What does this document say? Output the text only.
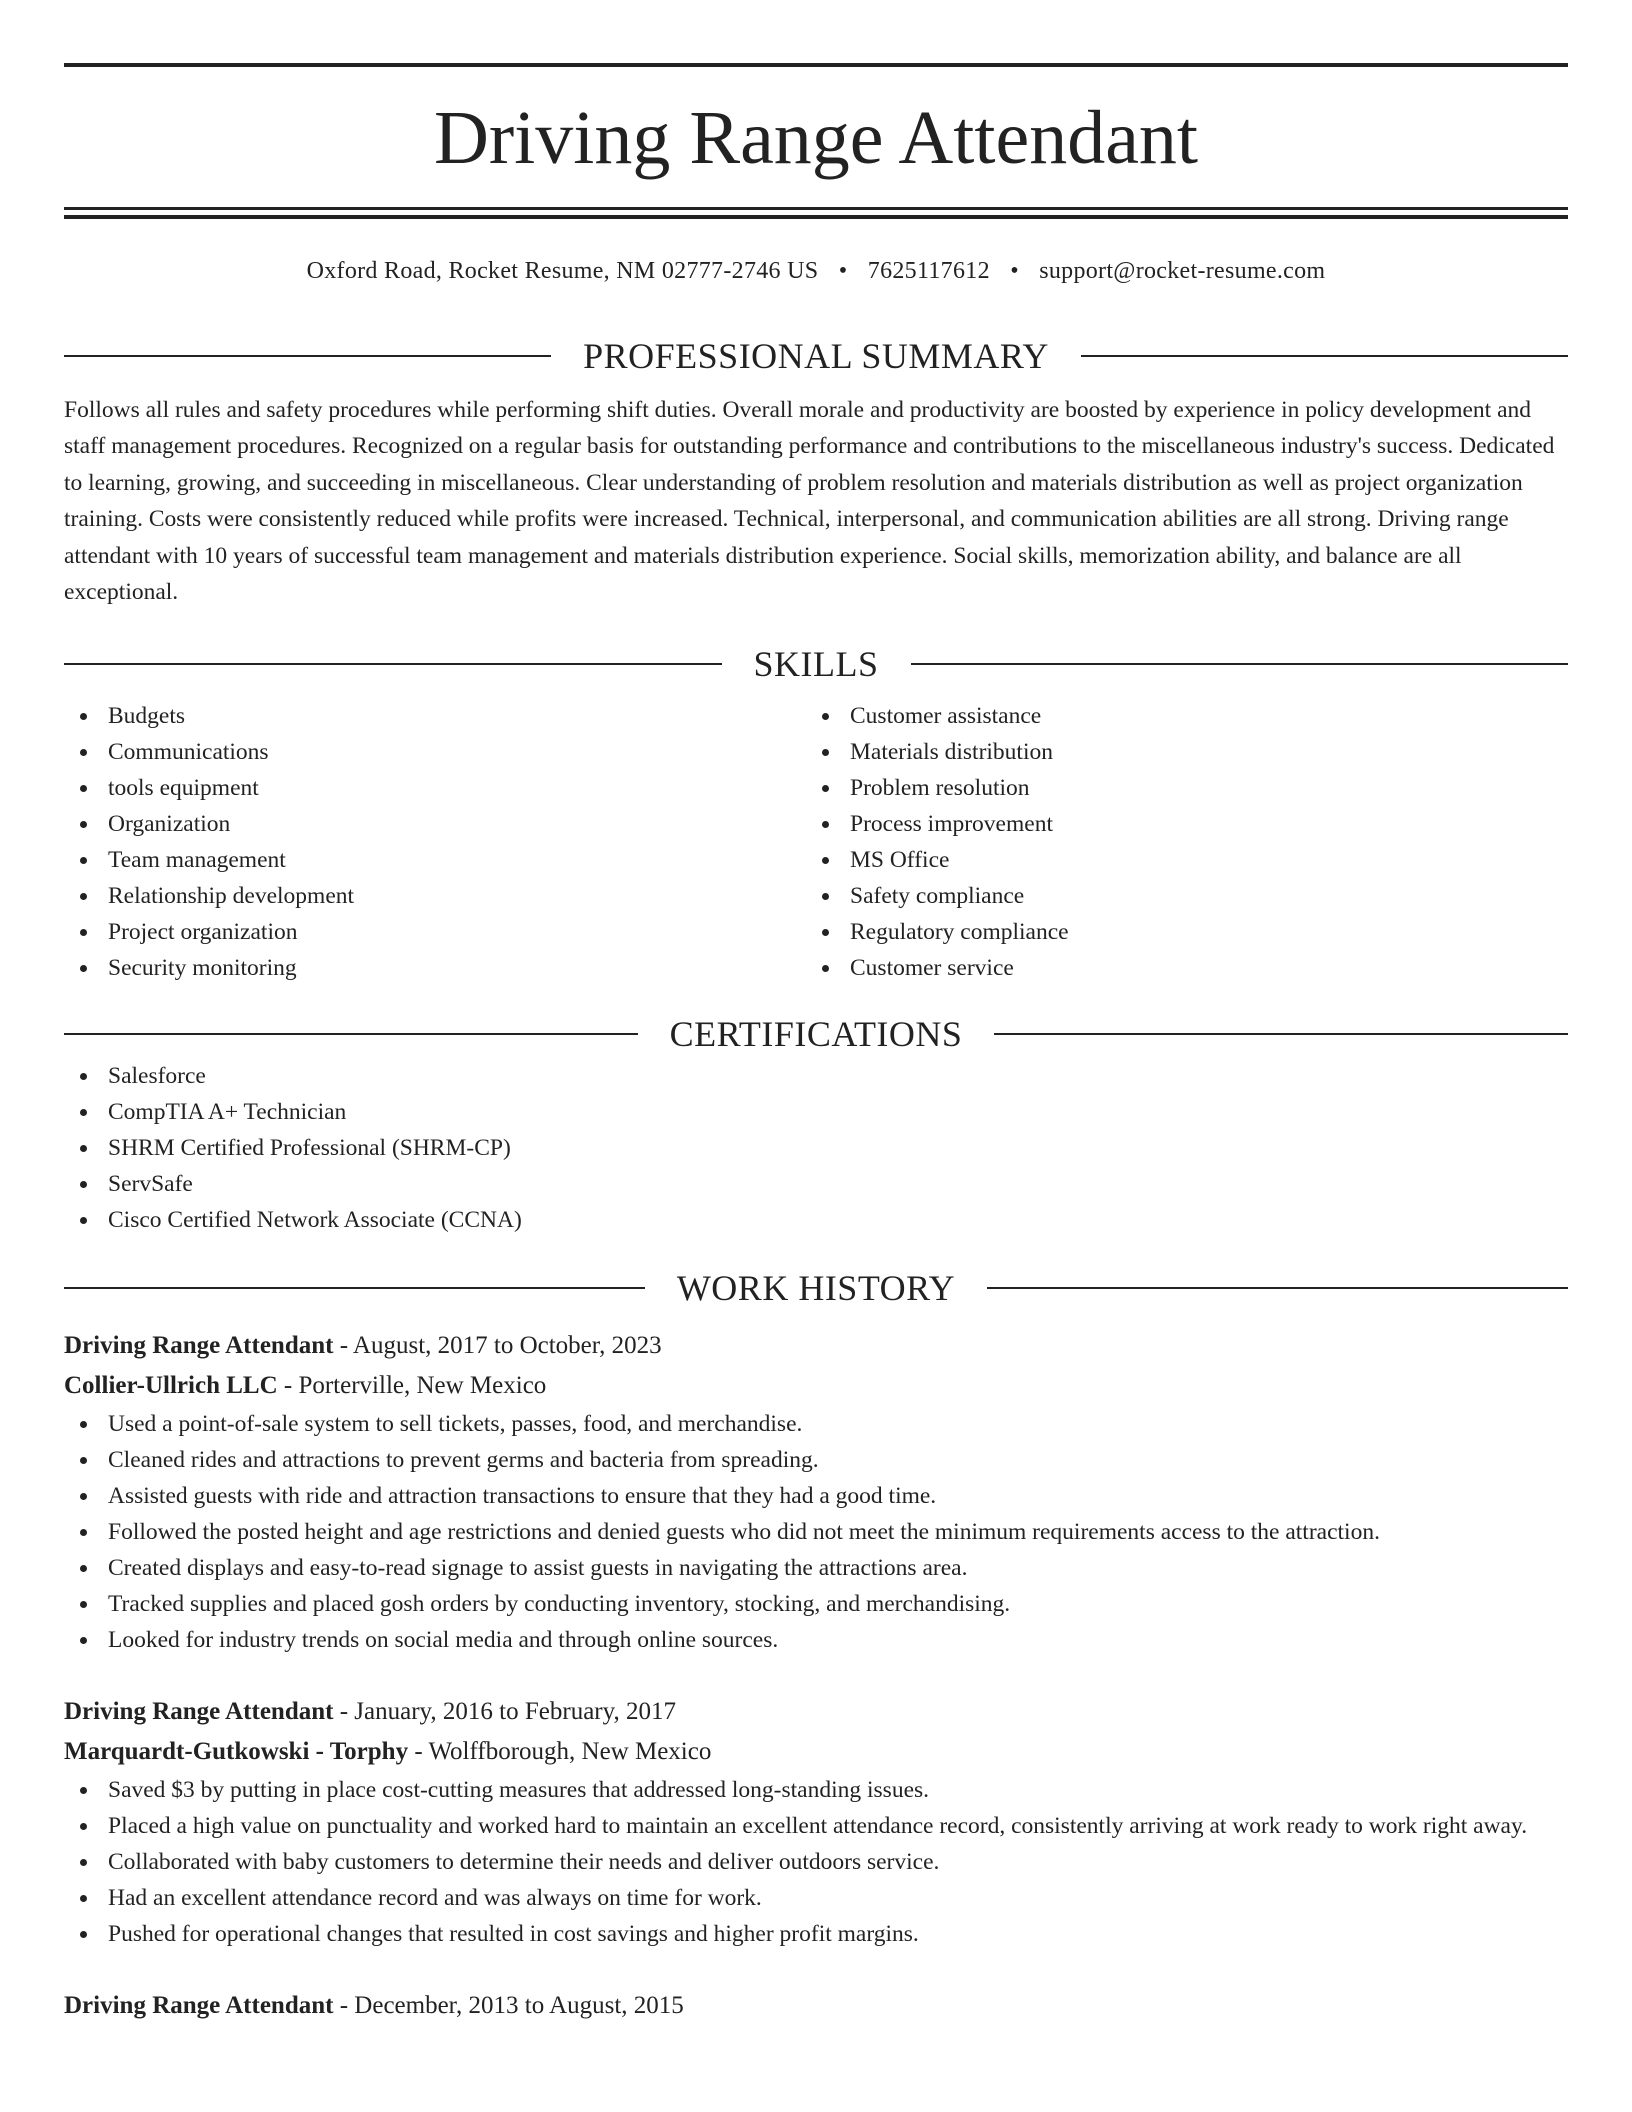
Driving Range Attendant
Oxford Road, Rocket Resume, NM 02777-2746 US • 7625117612 • support@rocket-resume.com
PROFESSIONAL SUMMARY

Follows all rules and safety procedures while performing shift duties. Overall morale and productivity are boosted by experience in policy development and staff management procedures. Recognized on a regular basis for outstanding performance and contributions to the miscellaneous industry's success. Dedicated to learning, growing, and succeeding in miscellaneous. Clear understanding of problem resolution and materials distribution as well as project organization training. Costs were consistently reduced while profits were increased. Technical, interpersonal, and communication abilities are all strong. Driving range attendant with 10 years of successful team management and materials distribution experience. Social skills, memorization ability, and balance are all exceptional.

SKILLS
Budgets
Communications
tools equipment
Organization
Team management
Relationship development
Project organization
Security monitoring
Customer assistance
Materials distribution
Problem resolution
Process improvement
MS Office
Safety compliance
Regulatory compliance
Customer service
CERTIFICATIONS
Salesforce
CompTIA A+ Technician
SHRM Certified Professional (SHRM-CP)
ServSafe
Cisco Certified Network Associate (CCNA)
WORK HISTORY
Driving Range Attendant - August, 2017 to October, 2023
Collier-Ullrich LLC - Porterville, New Mexico
Used a point-of-sale system to sell tickets, passes, food, and merchandise.
Cleaned rides and attractions to prevent germs and bacteria from spreading.
Assisted guests with ride and attraction transactions to ensure that they had a good time.
Followed the posted height and age restrictions and denied guests who did not meet the minimum requirements access to the attraction.
Created displays and easy-to-read signage to assist guests in navigating the attractions area.
Tracked supplies and placed gosh orders by conducting inventory, stocking, and merchandising.
Looked for industry trends on social media and through online sources.
Driving Range Attendant - January, 2016 to February, 2017
Marquardt-Gutkowski - Torphy - Wolffborough, New Mexico
Saved $3 by putting in place cost-cutting measures that addressed long-standing issues.
Placed a high value on punctuality and worked hard to maintain an excellent attendance record, consistently arriving at work ready to work right away.
Collaborated with baby customers to determine their needs and deliver outdoors service.
Had an excellent attendance record and was always on time for work.
Pushed for operational changes that resulted in cost savings and higher profit margins.
Driving Range Attendant - December, 2013 to August, 2015
